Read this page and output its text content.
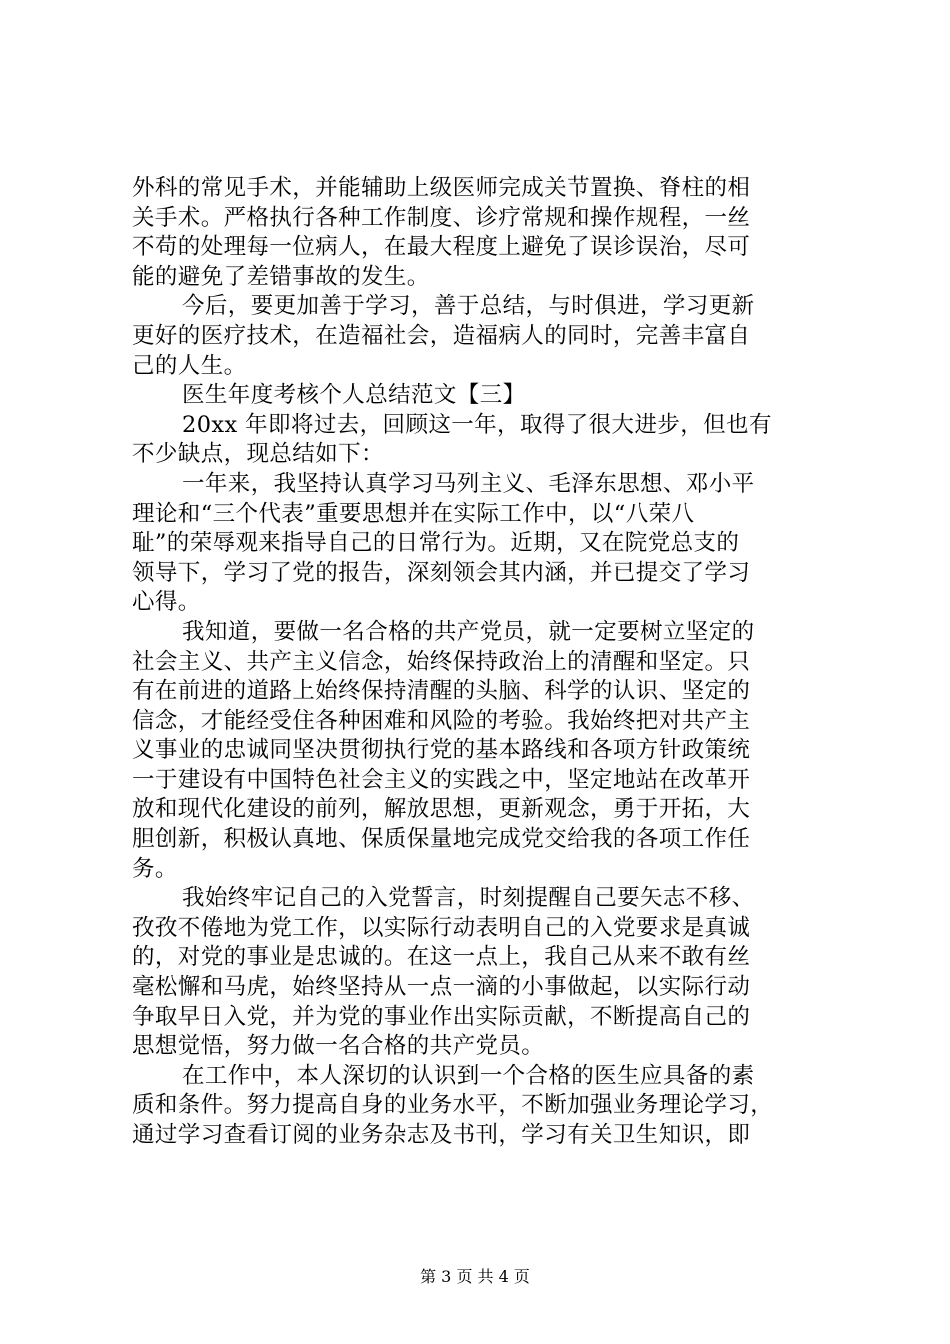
外科的常见手术，并能辅助上级医师完成关节置换、脊柱的相
关手术。严格执行各种工作制度、诊疗常规和操作规程，一丝
不苟的处理每一位病人，在最大程度上避免了误诊误治，尽可
能的避免了差错事故的发生。
今后，要更加善于学习，善于总结，与时俱进，学习更新
更好的医疗技术，在造福社会，造福病人的同时，完善丰富自
己的人生。
医生年度考核个人总结范文【三】
20xx 年即将过去，回顾这一年，取得了很大进步，但也有
不少缺点，现总结如下：
一年来，我坚持认真学习马列主义、毛泽东思想、邓小平
理论和“三个代表”重要思想并在实际工作中，以“八荣八
耻”的荣辱观来指导自己的日常行为。近期，又在院党总支的
领导下，学习了党的报告，深刻领会其内涵，并已提交了学习
心得。
我知道，要做一名合格的共产党员，就一定要树立坚定的
社会主义、共产主义信念，始终保持政治上的清醒和坚定。只
有在前进的道路上始终保持清醒的头脑、科学的认识、坚定的
信念，才能经受住各种困难和风险的考验。我始终把对共产主
义事业的忠诚同坚决贯彻执行党的基本路线和各项方针政策统
一于建设有中国特色社会主义的实践之中，坚定地站在改革开
放和现代化建设的前列，解放思想，更新观念，勇于开拓，大
胆创新，积极认真地、保质保量地完成党交给我的各项工作任
务。
我始终牢记自己的入党誓言，时刻提醒自己要矢志不移、
孜孜不倦地为党工作，以实际行动表明自己的入党要求是真诚
的，对党的事业是忠诚的。在这一点上，我自己从来不敢有丝
毫松懈和马虎，始终坚持从一点一滴的小事做起，以实际行动
争取早日入党，并为党的事业作出实际贡献，不断提高自己的
思想觉悟，努力做一名合格的共产党员。
在工作中，本人深切的认识到一个合格的医生应具备的素
质和条件。努力提高自身的业务水平，不断加强业务理论学习，
通过学习查看订阅的业务杂志及书刊，学习有关卫生知识，即
第 3 页 共 4 页
